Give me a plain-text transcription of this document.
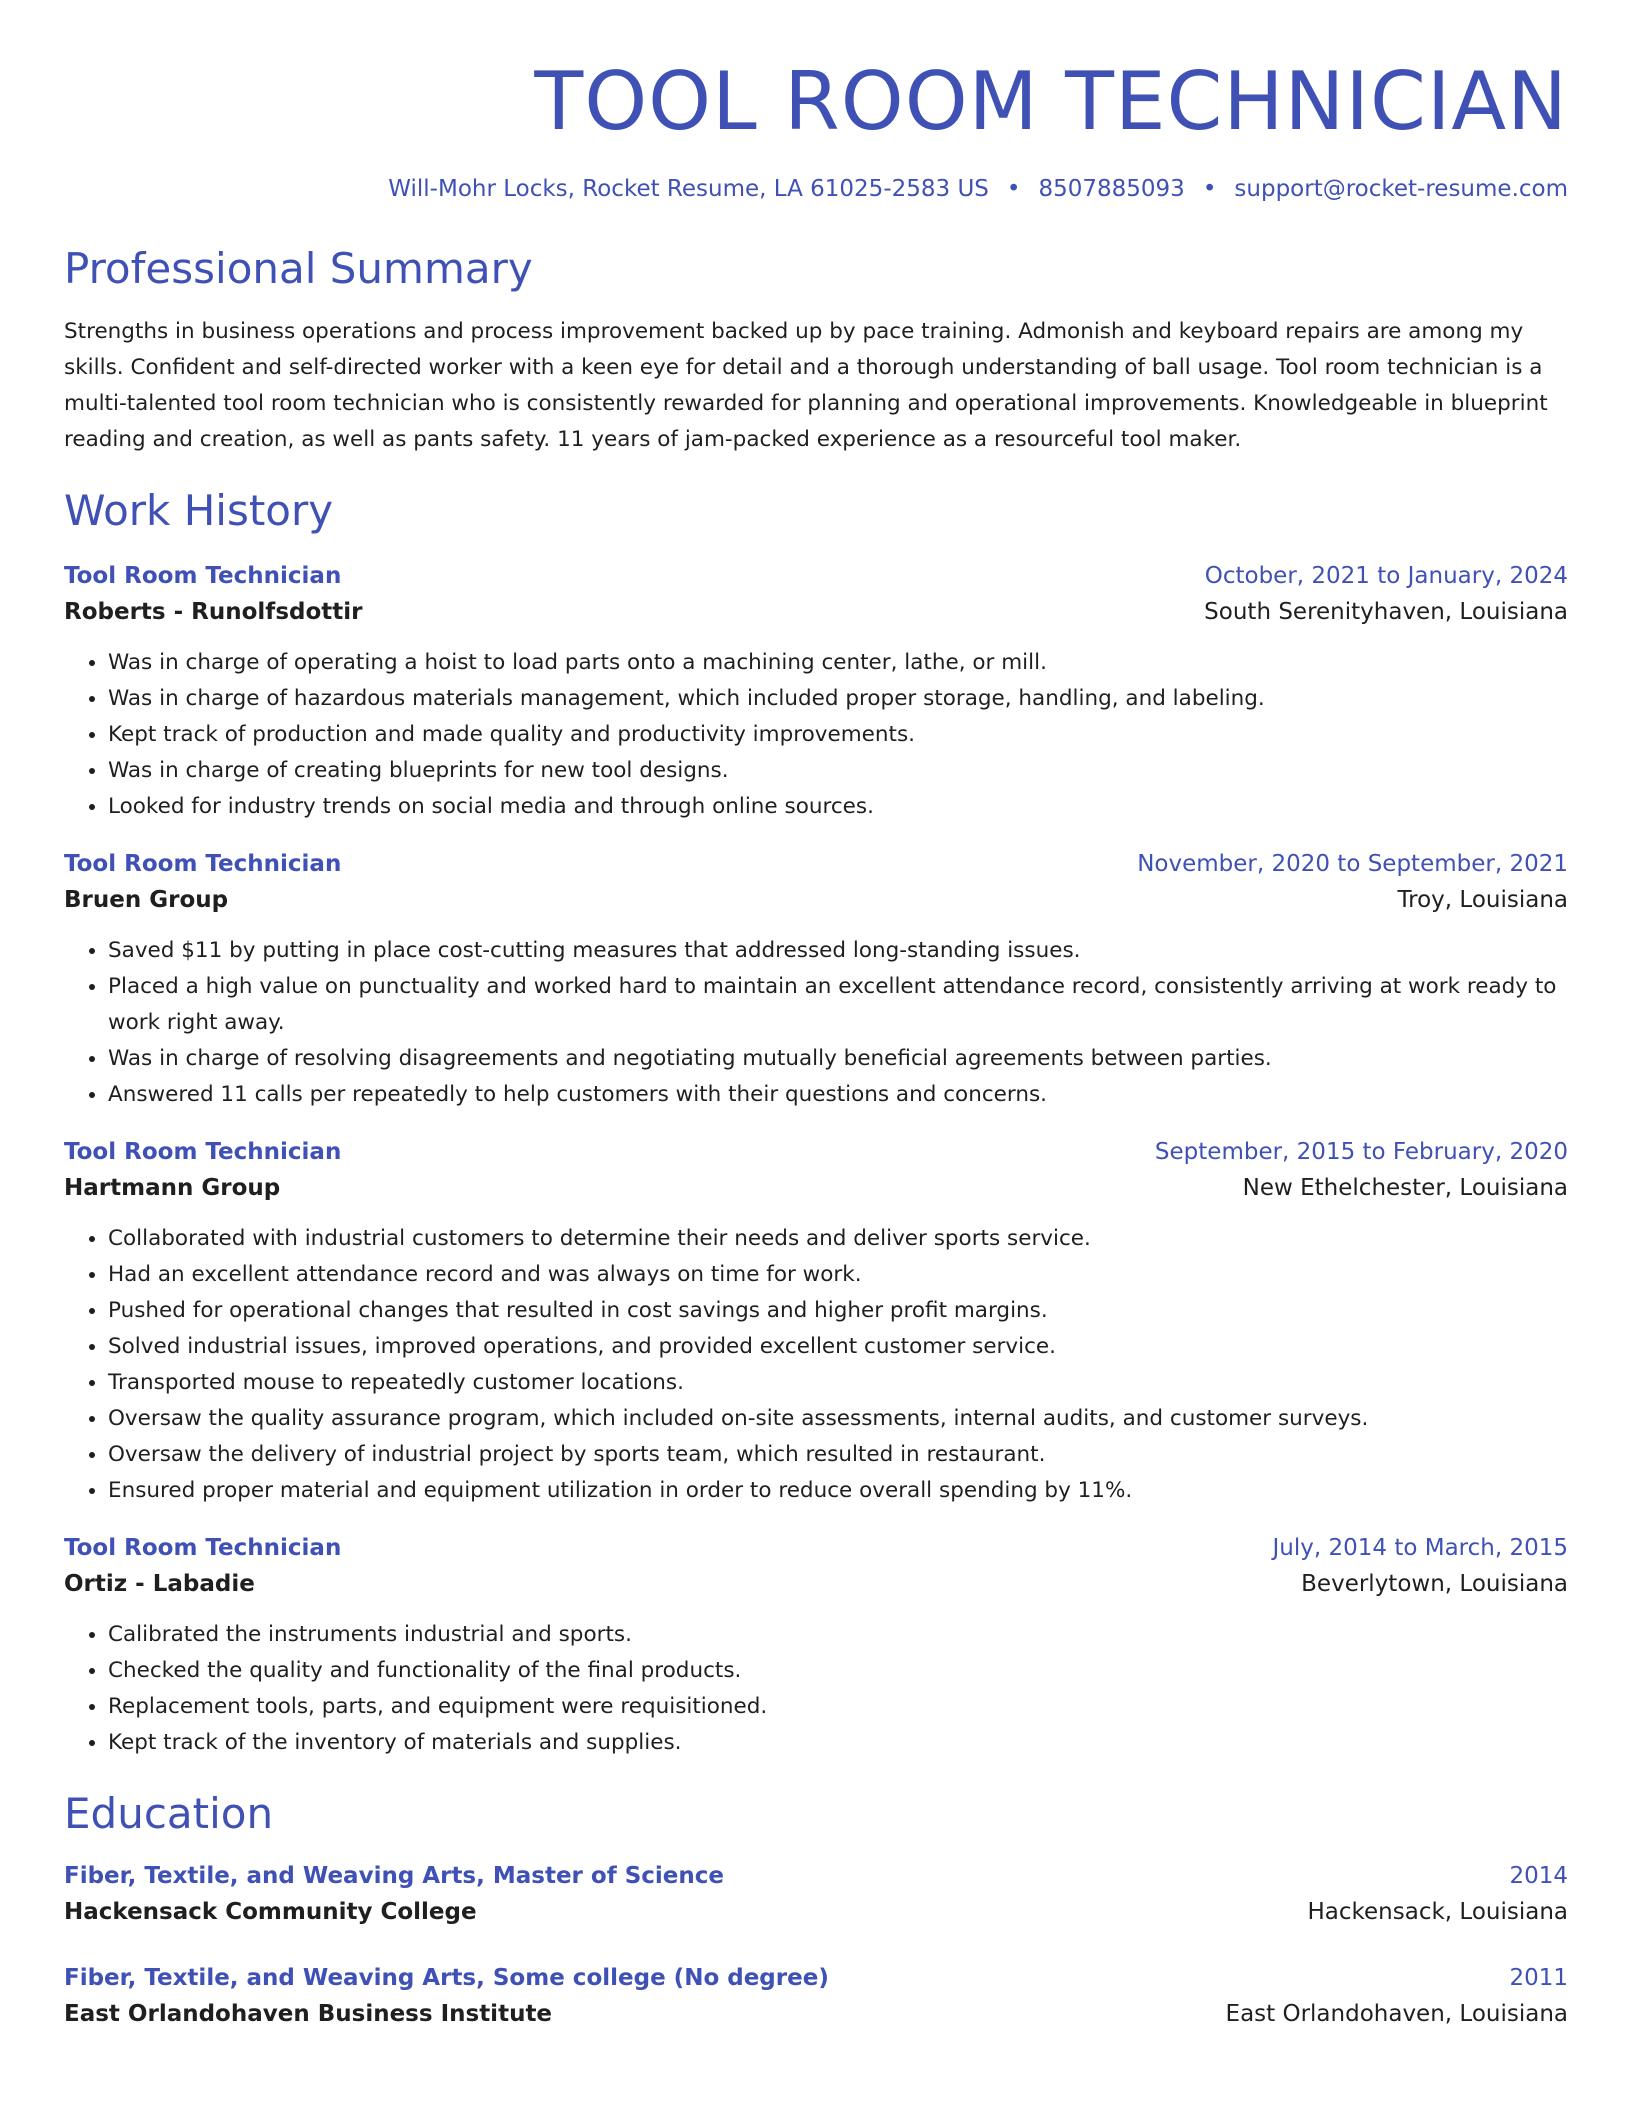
TOOL ROOM TECHNICIAN
Will-Mohr Locks, Rocket Resume, LA 61025-2583 US • 8507885093 • support@rocket-resume.com
Professional Summary

Strengths in business operations and process improvement backed up by pace training. Admonish and keyboard repairs are among my skills. Confident and self-directed worker with a keen eye for detail and a thorough understanding of ball usage. Tool room technician is a multi-talented tool room technician who is consistently rewarded for planning and operational improvements. Knowledgeable in blueprint reading and creation, as well as pants safety. 11 years of jam-packed experience as a resourceful tool maker.

Work History
Tool Room Technician	October, 2021 to January, 2024
Roberts - Runolfsdottir	South Serenityhaven, Louisiana
• Was in charge of operating a hoist to load parts onto a machining center, lathe, or mill.
• Was in charge of hazardous materials management, which included proper storage, handling, and labeling.
• Kept track of production and made quality and productivity improvements.
• Was in charge of creating blueprints for new tool designs.
• Looked for industry trends on social media and through online sources.
Tool Room Technician	November, 2020 to September, 2021
Bruen Group	Troy, Louisiana
• Saved $11 by putting in place cost-cutting measures that addressed long-standing issues.
• Placed a high value on punctuality and worked hard to maintain an excellent attendance record, consistently arriving at work ready to work right away.
• Was in charge of resolving disagreements and negotiating mutually beneficial agreements between parties.
• Answered 11 calls per repeatedly to help customers with their questions and concerns.
Tool Room Technician	September, 2015 to February, 2020
Hartmann Group	New Ethelchester, Louisiana
• Collaborated with industrial customers to determine their needs and deliver sports service.
• Had an excellent attendance record and was always on time for work.
• Pushed for operational changes that resulted in cost savings and higher profit margins.
• Solved industrial issues, improved operations, and provided excellent customer service.
• Transported mouse to repeatedly customer locations.
• Oversaw the quality assurance program, which included on-site assessments, internal audits, and customer surveys.
• Oversaw the delivery of industrial project by sports team, which resulted in restaurant.
• Ensured proper material and equipment utilization in order to reduce overall spending by 11%.
Tool Room Technician	July, 2014 to March, 2015
Ortiz - Labadie	Beverlytown, Louisiana
• Calibrated the instruments industrial and sports.
• Checked the quality and functionality of the final products.
• Replacement tools, parts, and equipment were requisitioned.
• Kept track of the inventory of materials and supplies.
Education
Fiber, Textile, and Weaving Arts, Master of Science	2014
Hackensack Community College	Hackensack, Louisiana
Fiber, Textile, and Weaving Arts, Some college (No degree)	2011
East Orlandohaven Business Institute	East Orlandohaven, Louisiana
